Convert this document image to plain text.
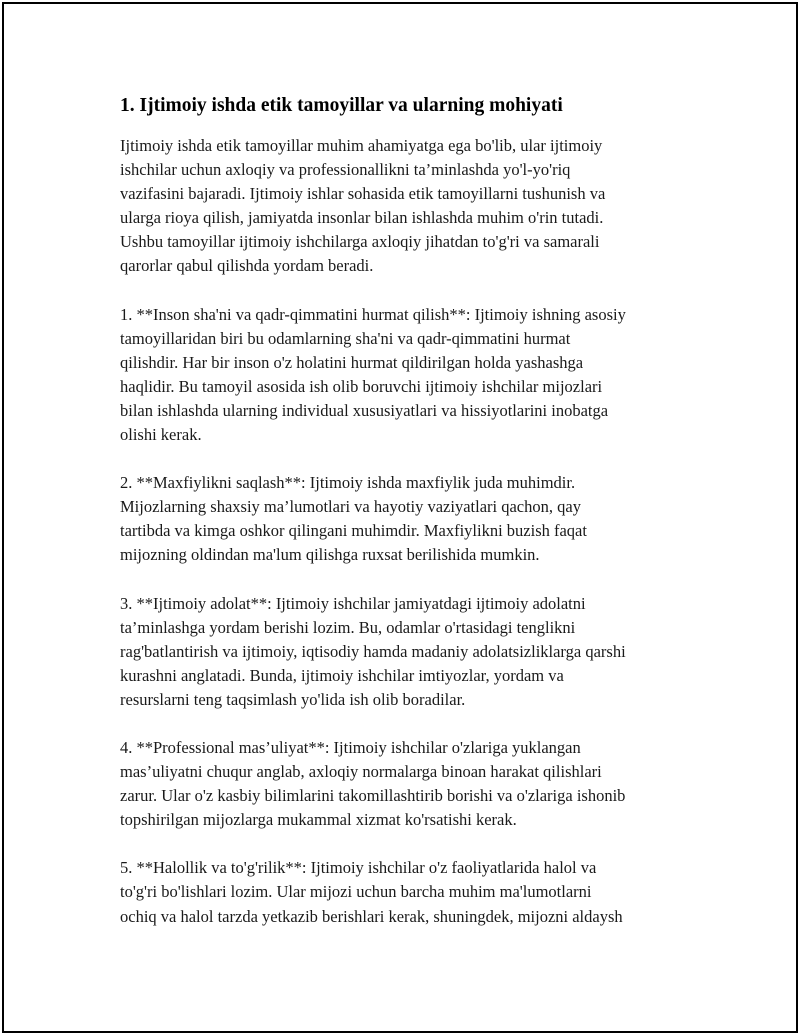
1. Ijtimoiy ishda etik tamoyillar va ularning mohiyati

Ijtimoiy ishda etik tamoyillar muhim ahamiyatga ega bo'lib, ular ijtimoiy
ishchilar uchun axloqiy va professionallikni ta’minlashda yo'l-yo'riq
vazifasini bajaradi. Ijtimoiy ishlar sohasida etik tamoyillarni tushunish va
ularga rioya qilish, jamiyatda insonlar bilan ishlashda muhim o'rin tutadi.
Ushbu tamoyillar ijtimoiy ishchilarga axloqiy jihatdan to'g'ri va samarali
qarorlar qabul qilishda yordam beradi.

1. **Inson sha'ni va qadr-qimmatini hurmat qilish**: Ijtimoiy ishning asosiy
tamoyillaridan biri bu odamlarning sha'ni va qadr-qimmatini hurmat
qilishdir. Har bir inson o'z holatini hurmat qildirilgan holda yashashga
haqlidir. Bu tamoyil asosida ish olib boruvchi ijtimoiy ishchilar mijozlari
bilan ishlashda ularning individual xususiyatlari va hissiyotlarini inobatga
olishi kerak.

2. **Maxfiylikni saqlash**: Ijtimoiy ishda maxfiylik juda muhimdir.
Mijozlarning shaxsiy ma’lumotlari va hayotiy vaziyatlari qachon, qay
tartibda va kimga oshkor qilingani muhimdir. Maxfiylikni buzish faqat
mijozning oldindan ma'lum qilishga ruxsat berilishida mumkin.

3. **Ijtimoiy adolat**: Ijtimoiy ishchilar jamiyatdagi ijtimoiy adolatni
ta’minlashga yordam berishi lozim. Bu, odamlar o'rtasidagi tenglikni
rag'batlantirish va ijtimoiy, iqtisodiy hamda madaniy adolatsizliklarga qarshi
kurashni anglatadi. Bunda, ijtimoiy ishchilar imtiyozlar, yordam va
resurslarni teng taqsimlash yo'lida ish olib boradilar.

4. **Professional mas’uliyat**: Ijtimoiy ishchilar o'zlariga yuklangan
mas’uliyatni chuqur anglab, axloqiy normalarga binoan harakat qilishlari
zarur. Ular o'z kasbiy bilimlarini takomillashtirib borishi va o'zlariga ishonib
topshirilgan mijozlarga mukammal xizmat ko'rsatishi kerak.

5. **Halollik va to'g'rilik**: Ijtimoiy ishchilar o'z faoliyatlarida halol va
to'g'ri bo'lishlari lozim. Ular mijozi uchun barcha muhim ma'lumotlarni
ochiq va halol tarzda yetkazib berishlari kerak, shuningdek, mijozni aldaysh
